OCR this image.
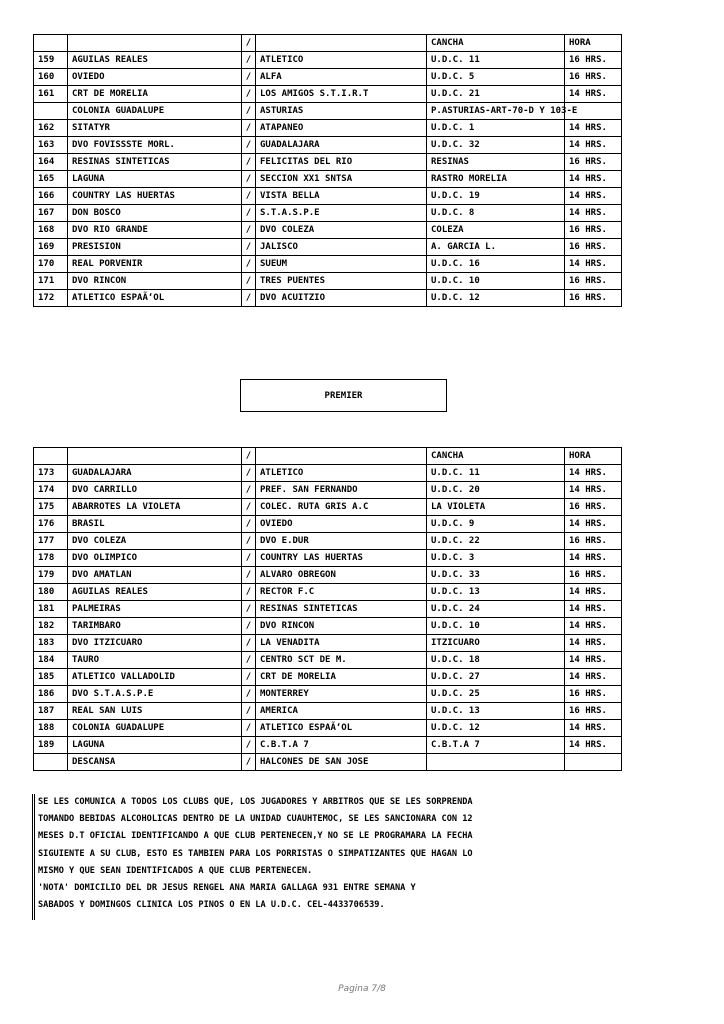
		/		CANCHA	HORA
159	AGUILAS REALES	/	ATLETICO	U.D.C. 11	16 HRS.
160	OVIEDO	/	ALFA	U.D.C. 5	16 HRS.
161	CRT DE MORELIA	/	LOS AMIGOS S.T.I.R.T	U.D.C. 21	14 HRS.
	COLONIA GUADALUPE	/	ASTURIAS	P.ASTURIAS-ART-70-D Y 103-E	
162	SITATYR	/	ATAPANEO	U.D.C. 1	14 HRS.
163	DVO FOVISSSTE MORL.	/	GUADALAJARA	U.D.C. 32	14 HRS.
164	RESINAS SINTETICAS	/	FELICITAS DEL RIO	RESINAS	16 HRS.
165	LAGUNA	/	SECCION XX1 SNTSA	RASTRO MORELIA	14 HRS.
166	COUNTRY LAS HUERTAS	/	VISTA BELLA	U.D.C. 19	14 HRS.
167	DON BOSCO	/	S.T.A.S.P.E	U.D.C. 8	14 HRS.
168	DVO RIO GRANDE	/	DVO COLEZA	COLEZA	16 HRS.
169	PRESISION	/	JALISCO	A. GARCIA L.	16 HRS.
170	REAL PORVENIR	/	SUEUM	U.D.C. 16	14 HRS.
171	DVO RINCON	/	TRES PUENTES	U.D.C. 10	16 HRS.
172	ATLETICO ESPAÃ‘OL	/	DVO ACUITZIO	U.D.C. 12	16 HRS.
PREMIER
		/		CANCHA	HORA
173	GUADALAJARA	/	ATLETICO	U.D.C. 11	14 HRS.
174	DVO CARRILLO	/	PREF. SAN FERNANDO	U.D.C. 20	14 HRS.
175	ABARROTES LA VIOLETA	/	COLEC. RUTA GRIS A.C	LA VIOLETA	16 HRS.
176	BRASIL	/	OVIEDO	U.D.C. 9	14 HRS.
177	DVO COLEZA	/	DVO E.DUR	U.D.C. 22	16 HRS.
178	DVO OLIMPICO	/	COUNTRY LAS HUERTAS	U.D.C. 3	14 HRS.
179	DVO AMATLAN	/	ALVARO OBREGON	U.D.C. 33	16 HRS.
180	AGUILAS REALES	/	RECTOR F.C	U.D.C. 13	14 HRS.
181	PALMEIRAS	/	RESINAS SINTETICAS	U.D.C. 24	14 HRS.
182	TARIMBARO	/	DVO RINCON	U.D.C. 10	14 HRS.
183	DVO ITZICUARO	/	LA VENADITA	ITZICUARO	14 HRS.
184	TAURO	/	CENTRO SCT DE M.	U.D.C. 18	14 HRS.
185	ATLETICO VALLADOLID	/	CRT DE MORELIA	U.D.C. 27	14 HRS.
186	DVO S.T.A.S.P.E	/	MONTERREY	U.D.C. 25	16 HRS.
187	REAL SAN LUIS	/	AMERICA	U.D.C. 13	16 HRS.
188	COLONIA GUADALUPE	/	ATLETICO ESPAÃ‘OL	U.D.C. 12	14 HRS.
189	LAGUNA	/	C.B.T.A 7	C.B.T.A 7	14 HRS.
	DESCANSA	/	HALCONES DE SAN JOSE		
SE LES COMUNICA A TODOS LOS CLUBS QUE, LOS JUGADORES Y ARBITROS QUE SE LES SORPRENDA
TOMANDO BEBIDAS ALCOHOLICAS DENTRO DE LA UNIDAD CUAUHTEMOC, SE LES SANCIONARA CON 12
MESES D.T OFICIAL IDENTIFICANDO A QUE CLUB PERTENECEN,Y NO SE LE PROGRAMARA LA FECHA
SIGUIENTE A SU CLUB, ESTO ES TAMBIEN PARA LOS PORRISTAS O SIMPATIZANTES QUE HAGAN LO
MISMO Y QUE SEAN IDENTIFICADOS A QUE CLUB PERTENECEN.
'NOTA' DOMICILIO DEL DR JESUS RENGEL ANA MARIA GALLAGA 931 ENTRE SEMANA Y
SABADOS Y DOMINGOS CLINICA LOS PINOS O EN LA U.D.C. CEL-4433706539.
Pagina 7/8
